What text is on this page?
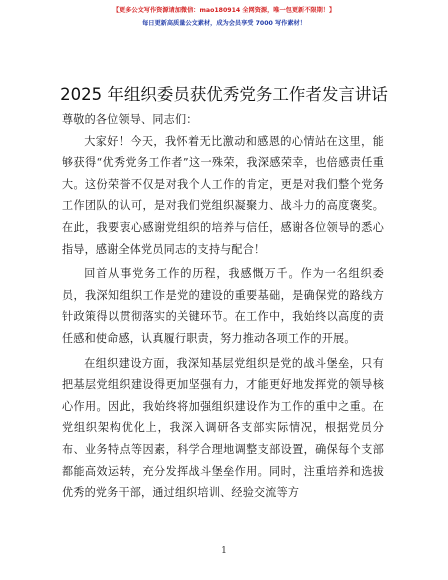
【更多公文写作资源请加微信：mao180914 全网资源，唯一包更新不限期！】
每日更新高质量公文素材，成为会员享受 7000 写作素材！
2025 年组织委员获优秀党务工作者发言讲话

尊敬的各位领导、同志们：

大家好！今天，我怀着无比激动和感恩的心情站在这里，能够获得“优秀党务工作者”这一殊荣，我深感荣幸，也倍感责任重大。这份荣誉不仅是对我个人工作的肯定，更是对我们整个党务工作团队的认可，是对我们党组织凝聚力、战斗力的高度褒奖。在此，我要衷心感谢党组织的培养与信任，感谢各位领导的悉心指导，感谢全体党员同志的支持与配合！

回首从事党务工作的历程，我感慨万千。作为一名组织委员，我深知组织工作是党的建设的重要基础，是确保党的路线方针政策得以贯彻落实的关键环节。在工作中，我始终以高度的责任感和使命感，认真履行职责，努力推动各项工作的开展。

在组织建设方面，我深知基层党组织是党的战斗堡垒，只有把基层党组织建设得更加坚强有力，才能更好地发挥党的领导核心作用。因此，我始终将加强组织建设作为工作的重中之重。在党组织架构优化上，我深入调研各支部实际情况，根据党员分布、业务特点等因素，科学合理地调整支部设置，确保每个支部都能高效运转，充分发挥战斗堡垒作用。同时，注重培养和选拔优秀的党务干部，通过组织培训、经验交流等方

1
